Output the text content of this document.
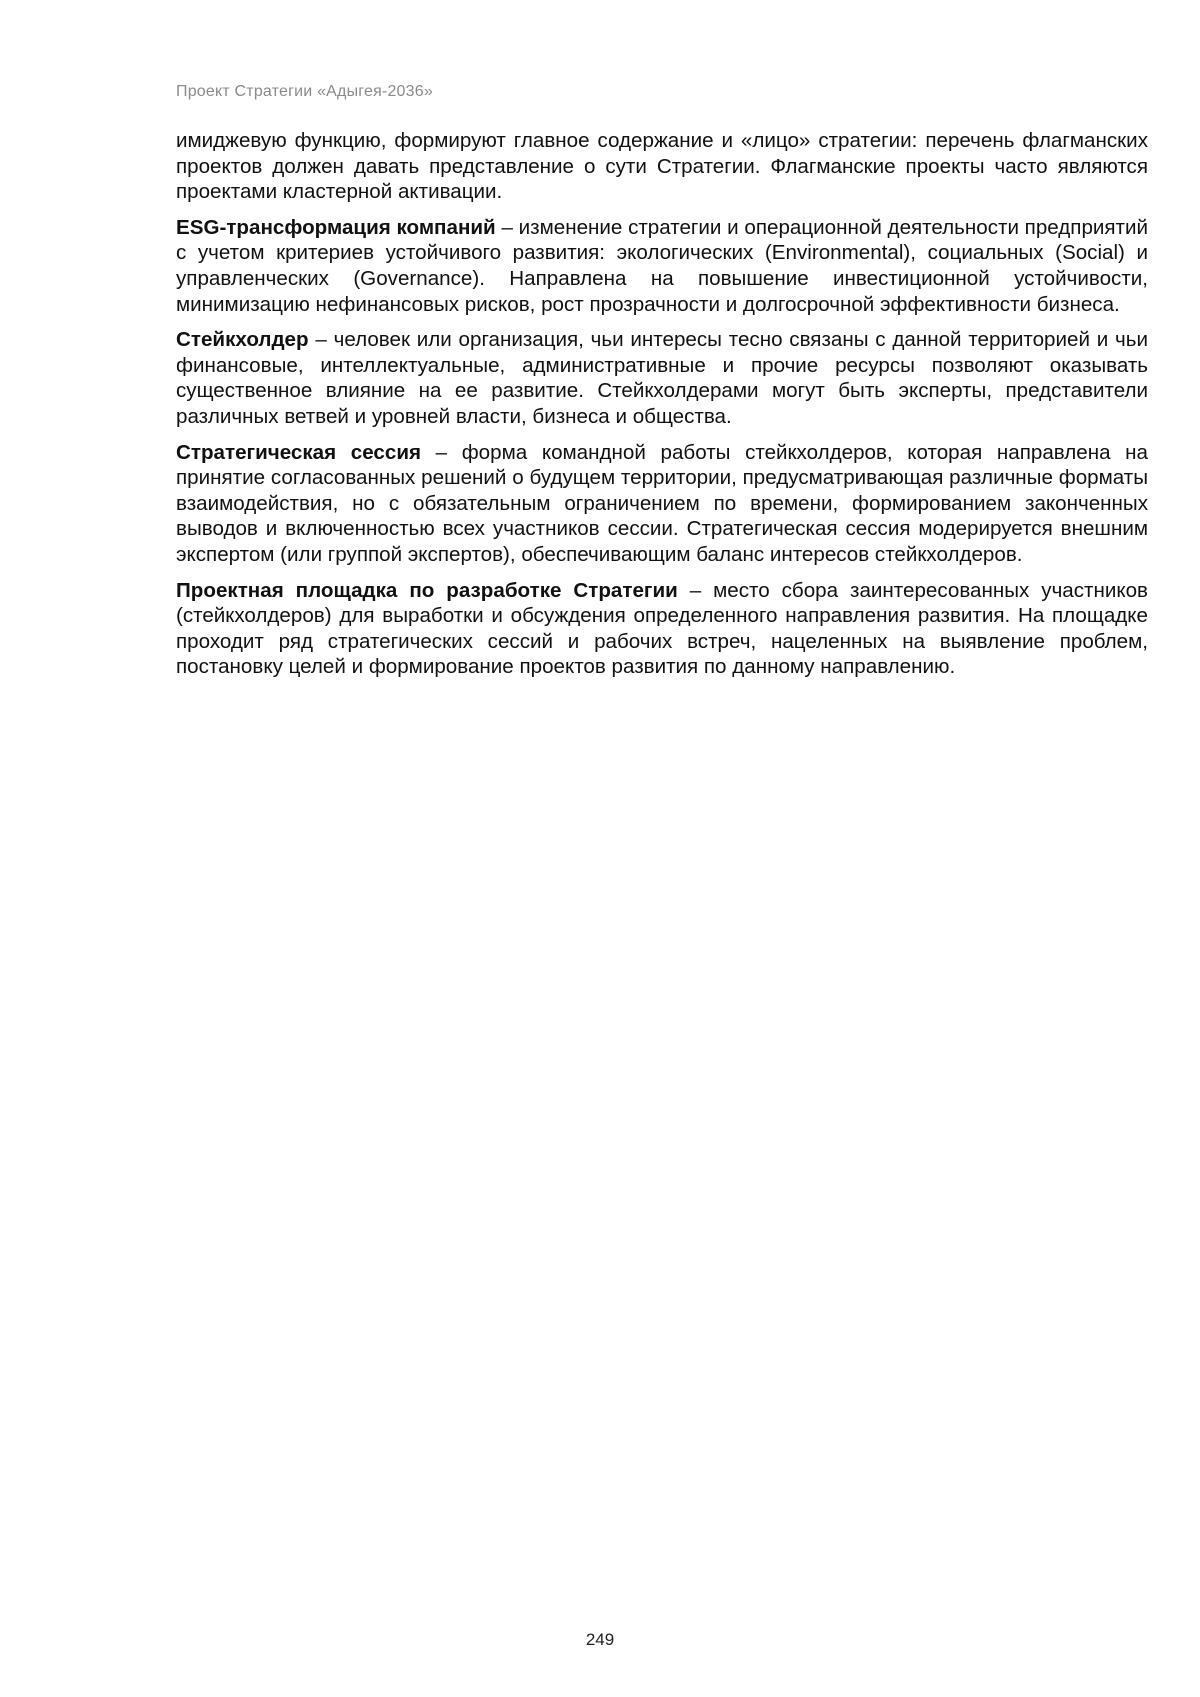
Проект Стратегии «Адыгея-2036»

имиджевую функцию, формируют главное содержание и «лицо» стратегии: перечень флагманских проектов должен давать представление о сути Стратегии. Флагманские проекты часто являются проектами кластерной активации.

ESG-трансформация компаний – изменение стратегии и операционной деятельности предприятий с учетом критериев устойчивого развития: экологических (Environmental), социальных (Social) и управленческих (Governance). Направлена на повышение инвестиционной устойчивости, минимизацию нефинансовых рисков, рост прозрачности и долгосрочной эффективности бизнеса.

Стейкхолдер – человек или организация, чьи интересы тесно связаны с данной территорией и чьи финансовые, интеллектуальные, административные и прочие ресурсы позволяют оказывать существенное влияние на ее развитие. Стейкхолдерами могут быть эксперты, представители различных ветвей и уровней власти, бизнеса и общества.

Стратегическая сессия – форма командной работы стейкхолдеров, которая направлена на принятие согласованных решений о будущем территории, предусматривающая различные форматы взаимодействия, но с обязательным ограничением по времени, формированием законченных выводов и включенностью всех участников сессии. Стратегическая сессия модерируется внешним экспертом (или группой экспертов), обеспечивающим баланс интересов стейкхолдеров.

Проектная площадка по разработке Стратегии – место сбора заинтересованных участников (стейкхолдеров) для выработки и обсуждения определенного направления развития. На площадке проходит ряд стратегических сессий и рабочих встреч, нацеленных на выявление проблем, постановку целей и формирование проектов развития по данному направлению.

249
